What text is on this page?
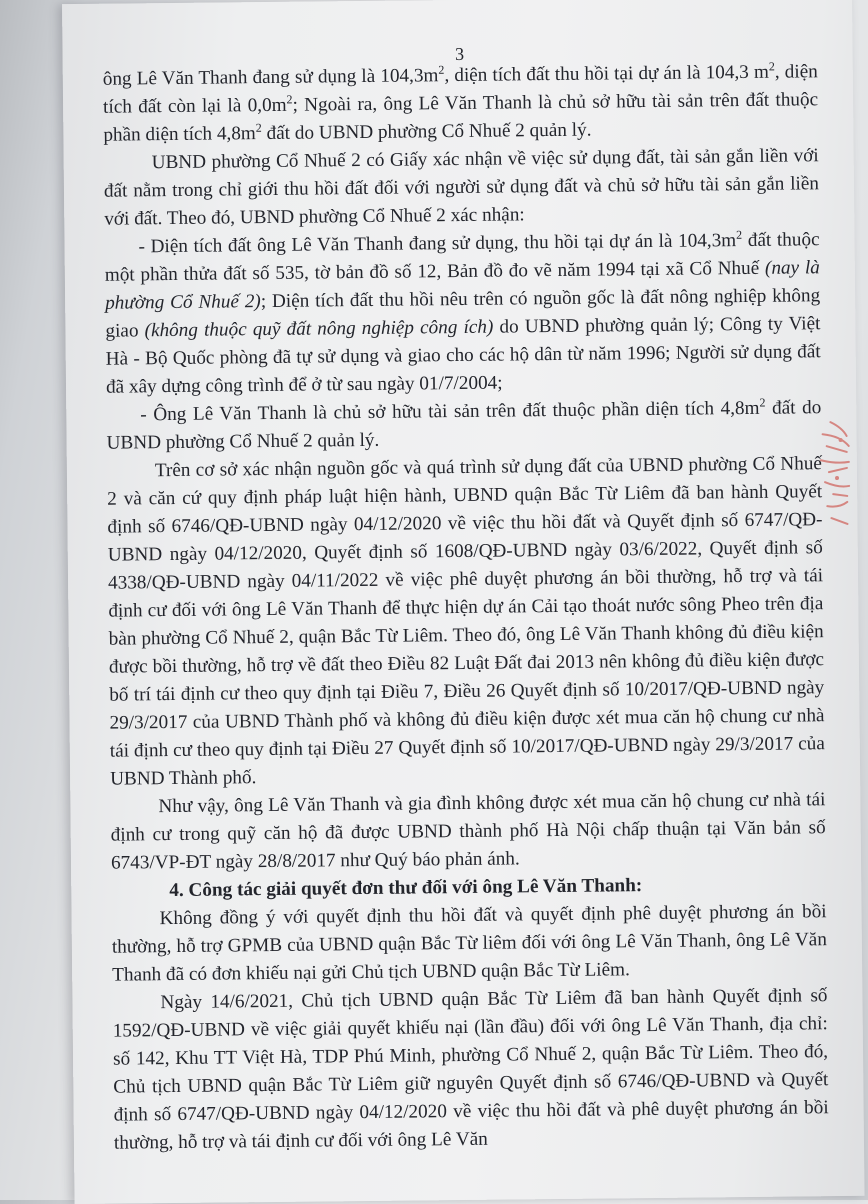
3

ông Lê Văn Thanh đang sử dụng là $104,3m^2$, diện tích đất thu hồi tại dự án là 104,3 $m^2$, diện tích đất còn lại là $0,0m^2$; Ngoài ra, ông Lê Văn Thanh là chủ sở hữu tài sản trên đất thuộc phần diện tích $4,8m^2$ đất do UBND phường Cổ Nhuế 2 quản lý.

UBND phường Cổ Nhuế 2 có Giấy xác nhận về việc sử dụng đất, tài sản gắn liền với đất nằm trong chỉ giới thu hồi đất đối với người sử dụng đất và chủ sở hữu tài sản gắn liền với đất. Theo đó, UBND phường Cổ Nhuế 2 xác nhận:

- Diện tích đất ông Lê Văn Thanh đang sử dụng, thu hồi tại dự án là $104,3m^2$ đất thuộc một phần thửa đất số 535, tờ bản đồ số 12, Bản đồ đo vẽ năm 1994 tại xã Cổ Nhuế (nay là phường Cổ Nhuế 2); Diện tích đất thu hồi nêu trên có nguồn gốc là đất nông nghiệp không giao (không thuộc quỹ đất nông nghiệp công ích) do UBND phường quản lý; Công ty Việt Hà - Bộ Quốc phòng đã tự sử dụng và giao cho các hộ dân từ năm 1996; Người sử dụng đất đã xây dựng công trình để ở từ sau ngày 01/7/2004;

- Ông Lê Văn Thanh là chủ sở hữu tài sản trên đất thuộc phần diện tích $4,8m^2$ đất do UBND phường Cổ Nhuế 2 quản lý.

Trên cơ sở xác nhận nguồn gốc và quá trình sử dụng đất của UBND phường Cổ Nhuế 2 và căn cứ quy định pháp luật hiện hành, UBND quận Bắc Từ Liêm đã ban hành Quyết định số 6746/QĐ-UBND ngày 04/12/2020 về việc thu hồi đất và Quyết định số 6747/QĐ-UBND ngày 04/12/2020, Quyết định số 1608/QĐ-UBND ngày 03/6/2022, Quyết định số 4338/QĐ-UBND ngày 04/11/2022 về việc phê duyệt phương án bồi thường, hỗ trợ và tái định cư đối với ông Lê Văn Thanh để thực hiện dự án Cải tạo thoát nước sông Pheo trên địa bàn phường Cổ Nhuế 2, quận Bắc Từ Liêm. Theo đó, ông Lê Văn Thanh không đủ điều kiện được bồi thường, hỗ trợ về đất theo Điều 82 Luật Đất đai 2013 nên không đủ điều kiện được bố trí tái định cư theo quy định tại Điều 7, Điều 26 Quyết định số 10/2017/QĐ-UBND ngày 29/3/2017 của UBND Thành phố và không đủ điều kiện được xét mua căn hộ chung cư nhà tái định cư theo quy định tại Điều 27 Quyết định số 10/2017/QĐ-UBND ngày 29/3/2017 của UBND Thành phố.

Như vậy, ông Lê Văn Thanh và gia đình không được xét mua căn hộ chung cư nhà tái định cư trong quỹ căn hộ đã được UBND thành phố Hà Nội chấp thuận tại Văn bản số 6743/VP-ĐT ngày 28/8/2017 như Quý báo phản ánh.

4. Công tác giải quyết đơn thư đối với ông Lê Văn Thanh:

Không đồng ý với quyết định thu hồi đất và quyết định phê duyệt phương án bồi thường, hỗ trợ GPMB của UBND quận Bắc Từ liêm đối với ông Lê Văn Thanh, ông Lê Văn Thanh đã có đơn khiếu nại gửi Chủ tịch UBND quận Bắc Từ Liêm.

Ngày 14/6/2021, Chủ tịch UBND quận Bắc Từ Liêm đã ban hành Quyết định số 1592/QĐ-UBND về việc giải quyết khiếu nại (lần đầu) đối với ông Lê Văn Thanh, địa chỉ: số 142, Khu TT Việt Hà, TDP Phú Minh, phường Cổ Nhuế 2, quận Bắc Từ Liêm. Theo đó, Chủ tịch UBND quận Bắc Từ Liêm giữ nguyên Quyết định số 6746/QĐ-UBND và Quyết định số 6747/QĐ-UBND ngày 04/12/2020 về việc thu hồi đất và phê duyệt phương án bồi thường, hỗ trợ và tái định cư đối với ông Lê Văn
